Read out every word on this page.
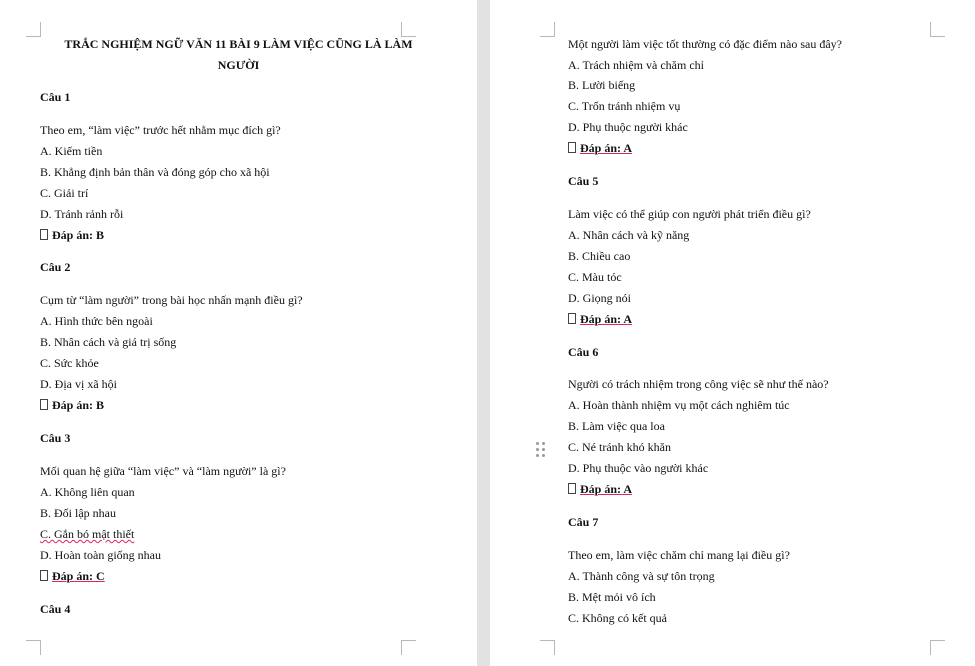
TRẮC NGHIỆM NGỮ VĂN 11 BÀI 9 LÀM VIỆC CŨNG LÀ LÀM
NGƯỜI
Câu 1
Theo em, “làm việc” trước hết nhằm mục đích gì?
A. Kiếm tiền
B. Khẳng định bản thân và đóng góp cho xã hội
C. Giải trí
D. Tránh rảnh rỗi
Đáp án: B
Câu 2
Cụm từ “làm người” trong bài học nhấn mạnh điều gì?
A. Hình thức bên ngoài
B. Nhân cách và giá trị sống
C. Sức khỏe
D. Địa vị xã hội
Đáp án: B
Câu 3
Mối quan hệ giữa “làm việc” và “làm người” là gì?
A. Không liên quan
B. Đối lập nhau
C. Gắn bó mật thiết
D. Hoàn toàn giống nhau
Đáp án: C
Câu 4
Một người làm việc tốt thường có đặc điểm nào sau đây?
A. Trách nhiệm và chăm chỉ
B. Lười biếng
C. Trốn tránh nhiệm vụ
D. Phụ thuộc người khác
Đáp án: A
Câu 5
Làm việc có thể giúp con người phát triển điều gì?
A. Nhân cách và kỹ năng
B. Chiều cao
C. Màu tóc
D. Giọng nói
Đáp án: A
Câu 6
Người có trách nhiệm trong công việc sẽ như thế nào?
A. Hoàn thành nhiệm vụ một cách nghiêm túc
B. Làm việc qua loa
C. Né tránh khó khăn
D. Phụ thuộc vào người khác
Đáp án: A
Câu 7
Theo em, làm việc chăm chỉ mang lại điều gì?
A. Thành công và sự tôn trọng
B. Mệt mỏi vô ích
C. Không có kết quả
